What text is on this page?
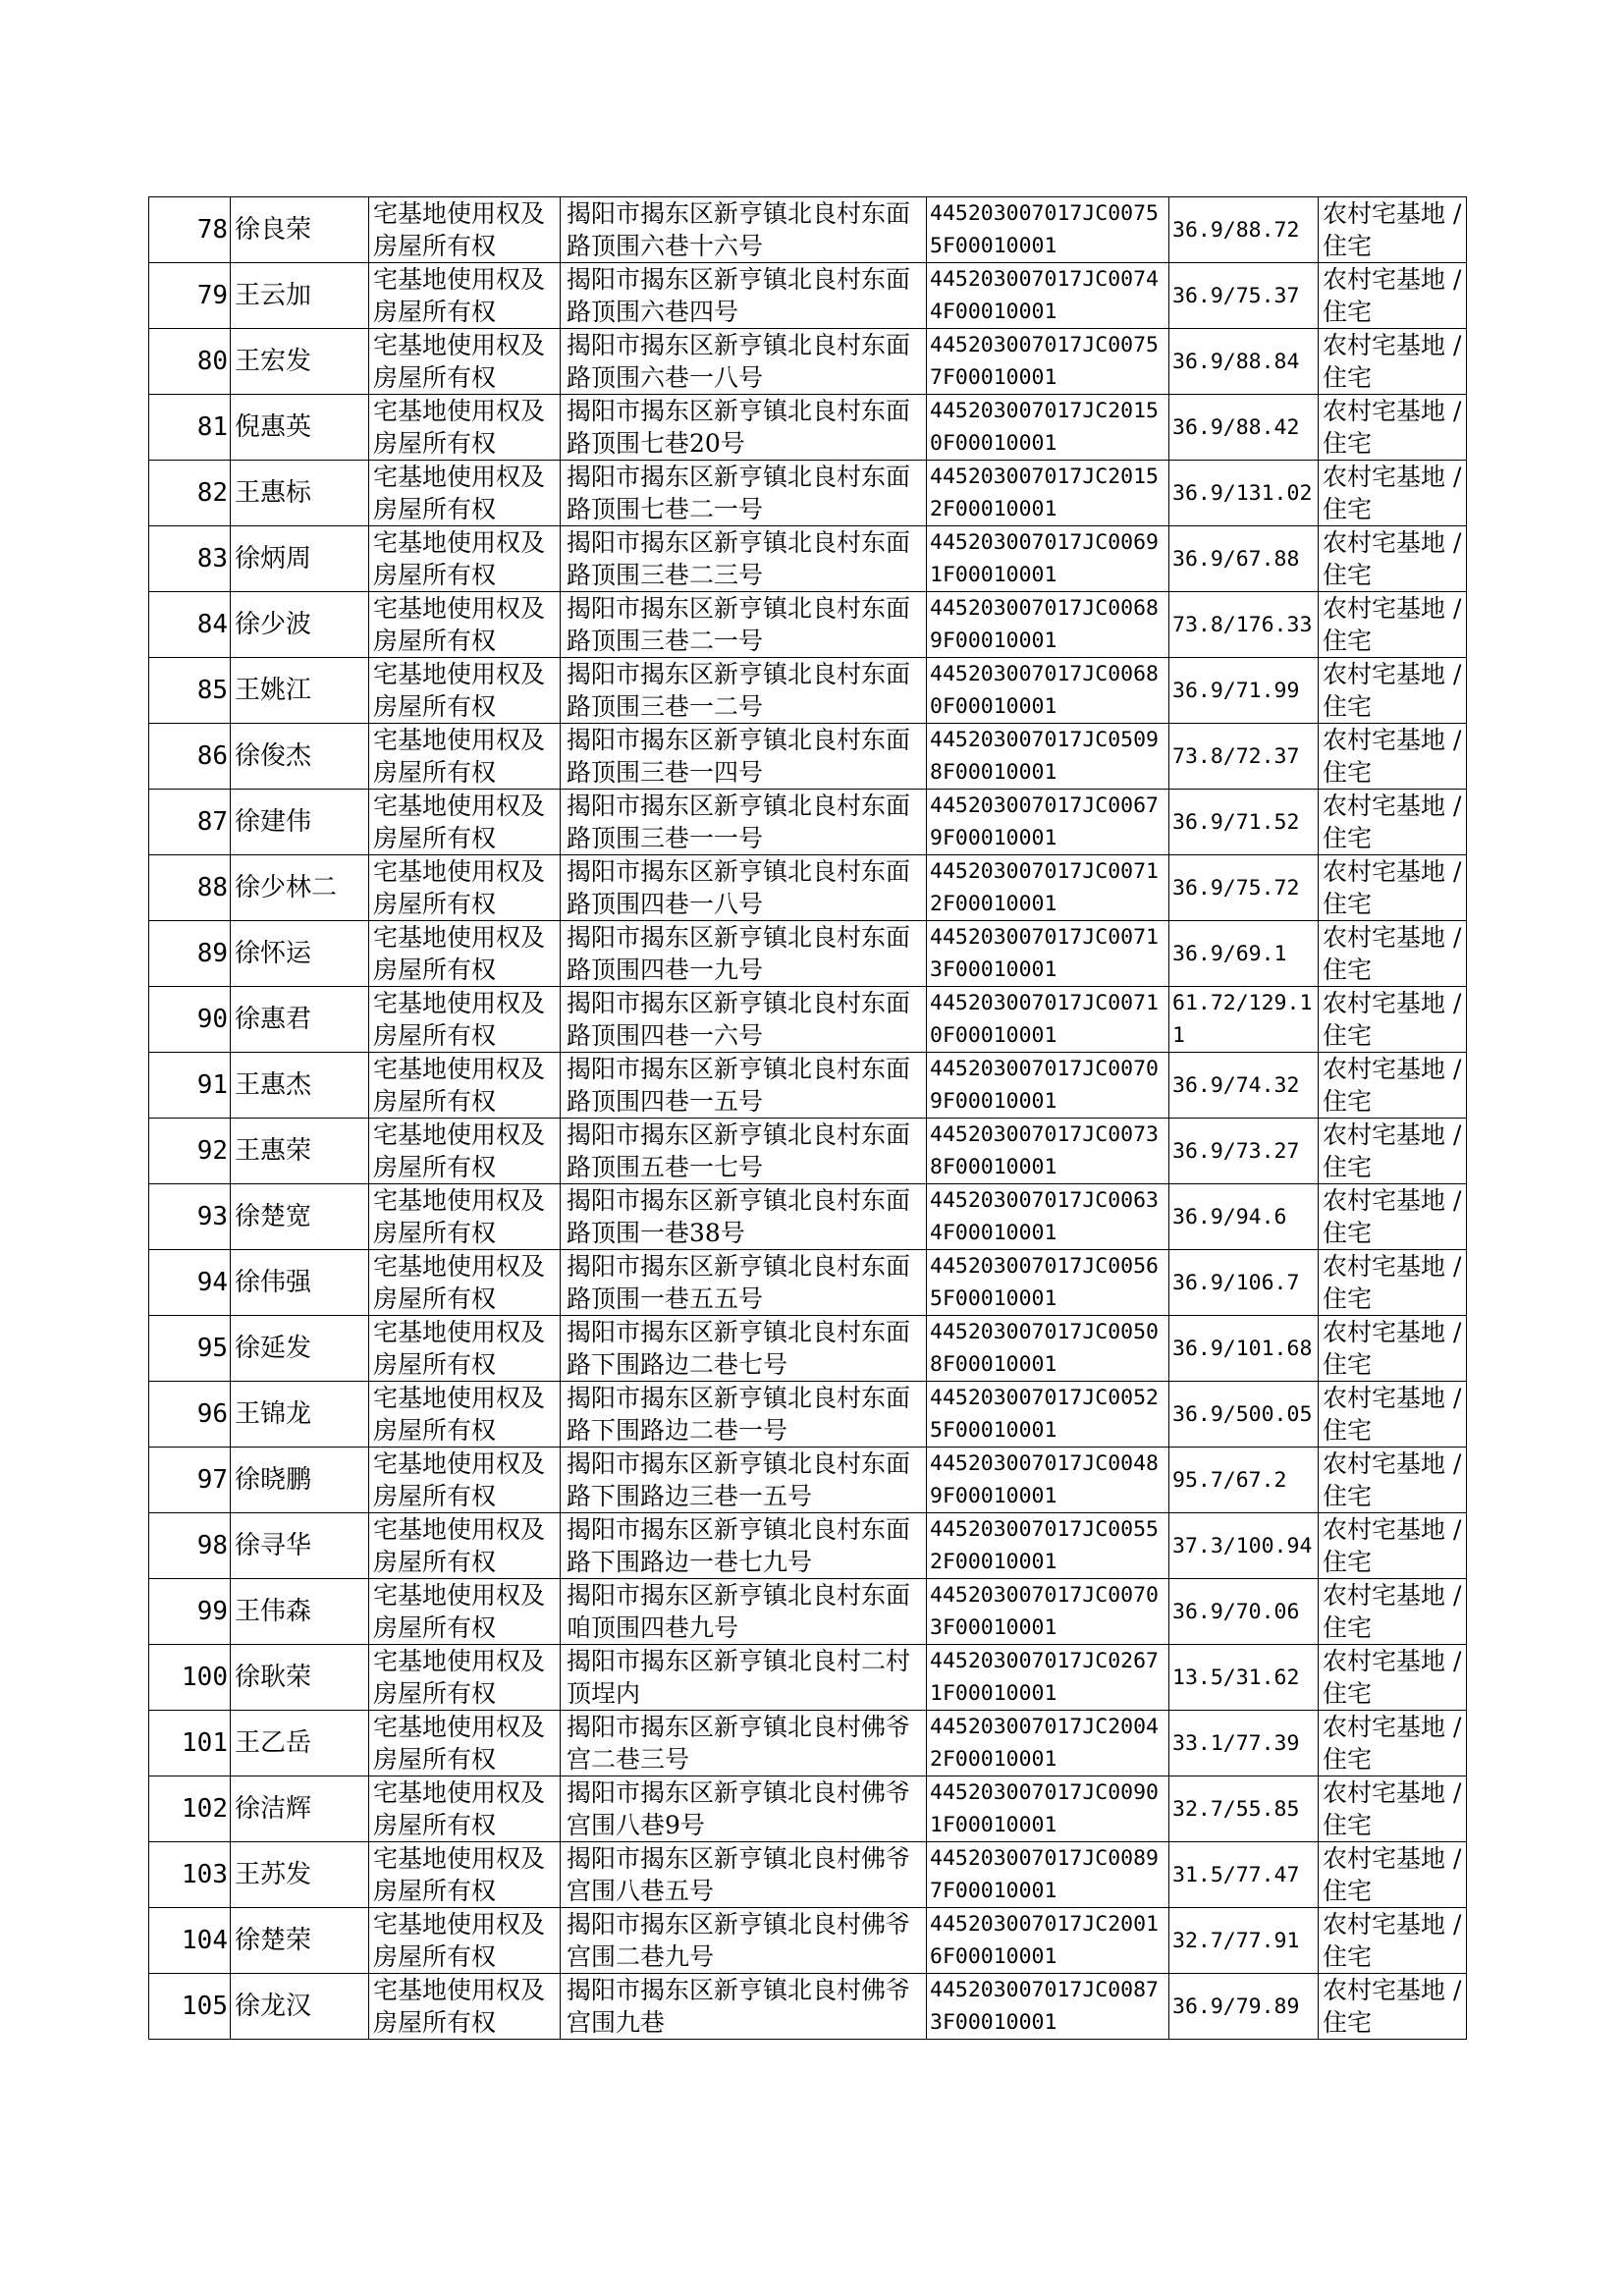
78	徐良荣	宅基地使用权及房屋所有权	揭阳市揭东区新亨镇北良村东面路顶围六巷十六号	445203007017JC00755F00010001	36.9/88.72	农村宅基地 / 住宅

79	王云加	宅基地使用权及房屋所有权	揭阳市揭东区新亨镇北良村东面路顶围六巷四号	445203007017JC00744F00010001	36.9/75.37	农村宅基地 / 住宅

80	王宏发	宅基地使用权及房屋所有权	揭阳市揭东区新亨镇北良村东面路顶围六巷一八号	445203007017JC00757F00010001	36.9/88.84	农村宅基地 / 住宅

81	倪惠英	宅基地使用权及房屋所有权	揭阳市揭东区新亨镇北良村东面路顶围七巷20号	445203007017JC20150F00010001	36.9/88.42	农村宅基地 / 住宅

82	王惠标	宅基地使用权及房屋所有权	揭阳市揭东区新亨镇北良村东面路顶围七巷二一号	445203007017JC20152F00010001	36.9/131.02	农村宅基地 / 住宅

83	徐炳周	宅基地使用权及房屋所有权	揭阳市揭东区新亨镇北良村东面路顶围三巷二三号	445203007017JC00691F00010001	36.9/67.88	农村宅基地 / 住宅

84	徐少波	宅基地使用权及房屋所有权	揭阳市揭东区新亨镇北良村东面路顶围三巷二一号	445203007017JC00689F00010001	73.8/176.33	农村宅基地 / 住宅

85	王姚江	宅基地使用权及房屋所有权	揭阳市揭东区新亨镇北良村东面路顶围三巷一二号	445203007017JC00680F00010001	36.9/71.99	农村宅基地 / 住宅

86	徐俊杰	宅基地使用权及房屋所有权	揭阳市揭东区新亨镇北良村东面路顶围三巷一四号	445203007017JC05098F00010001	73.8/72.37	农村宅基地 / 住宅

87	徐建伟	宅基地使用权及房屋所有权	揭阳市揭东区新亨镇北良村东面路顶围三巷一一号	445203007017JC00679F00010001	36.9/71.52	农村宅基地 / 住宅

88	徐少林二	宅基地使用权及房屋所有权	揭阳市揭东区新亨镇北良村东面路顶围四巷一八号	445203007017JC00712F00010001	36.9/75.72	农村宅基地 / 住宅

89	徐怀运	宅基地使用权及房屋所有权	揭阳市揭东区新亨镇北良村东面路顶围四巷一九号	445203007017JC00713F00010001	36.9/69.1	农村宅基地 / 住宅

90	徐惠君	宅基地使用权及房屋所有权	揭阳市揭东区新亨镇北良村东面路顶围四巷一六号	445203007017JC00710F00010001	61.72/129.11	农村宅基地 / 住宅

91	王惠杰	宅基地使用权及房屋所有权	揭阳市揭东区新亨镇北良村东面路顶围四巷一五号	445203007017JC00709F00010001	36.9/74.32	农村宅基地 / 住宅

92	王惠荣	宅基地使用权及房屋所有权	揭阳市揭东区新亨镇北良村东面路顶围五巷一七号	445203007017JC00738F00010001	36.9/73.27	农村宅基地 / 住宅

93	徐楚宽	宅基地使用权及房屋所有权	揭阳市揭东区新亨镇北良村东面路顶围一巷38号	445203007017JC00634F00010001	36.9/94.6	农村宅基地 / 住宅

94	徐伟强	宅基地使用权及房屋所有权	揭阳市揭东区新亨镇北良村东面路顶围一巷五五号	445203007017JC00565F00010001	36.9/106.7	农村宅基地 / 住宅

95	徐延发	宅基地使用权及房屋所有权	揭阳市揭东区新亨镇北良村东面路下围路边二巷七号	445203007017JC00508F00010001	36.9/101.68	农村宅基地 / 住宅

96	王锦龙	宅基地使用权及房屋所有权	揭阳市揭东区新亨镇北良村东面路下围路边二巷一号	445203007017JC00525F00010001	36.9/500.05	农村宅基地 / 住宅

97	徐晓鹏	宅基地使用权及房屋所有权	揭阳市揭东区新亨镇北良村东面路下围路边三巷一五号	445203007017JC00489F00010001	95.7/67.2	农村宅基地 / 住宅

98	徐寻华	宅基地使用权及房屋所有权	揭阳市揭东区新亨镇北良村东面路下围路边一巷七九号	445203007017JC00552F00010001	37.3/100.94	农村宅基地 / 住宅

99	王伟森	宅基地使用权及房屋所有权	揭阳市揭东区新亨镇北良村东面咱顶围四巷九号	445203007017JC00703F00010001	36.9/70.06	农村宅基地 / 住宅

100	徐耿荣	宅基地使用权及房屋所有权	揭阳市揭东区新亨镇北良村二村顶埕内	445203007017JC02671F00010001	13.5/31.62	农村宅基地 / 住宅

101	王乙岳	宅基地使用权及房屋所有权	揭阳市揭东区新亨镇北良村佛爷宫二巷三号	445203007017JC20042F00010001	33.1/77.39	农村宅基地 / 住宅

102	徐洁辉	宅基地使用权及房屋所有权	揭阳市揭东区新亨镇北良村佛爷宫围八巷9号	445203007017JC00901F00010001	32.7/55.85	农村宅基地 / 住宅

103	王苏发	宅基地使用权及房屋所有权	揭阳市揭东区新亨镇北良村佛爷宫围八巷五号	445203007017JC00897F00010001	31.5/77.47	农村宅基地 / 住宅

104	徐楚荣	宅基地使用权及房屋所有权	揭阳市揭东区新亨镇北良村佛爷宫围二巷九号	445203007017JC20016F00010001	32.7/77.91	农村宅基地 / 住宅

105	徐龙汉	宅基地使用权及房屋所有权	揭阳市揭东区新亨镇北良村佛爷宫围九巷	445203007017JC00873F00010001	36.9/79.89	农村宅基地 / 住宅
